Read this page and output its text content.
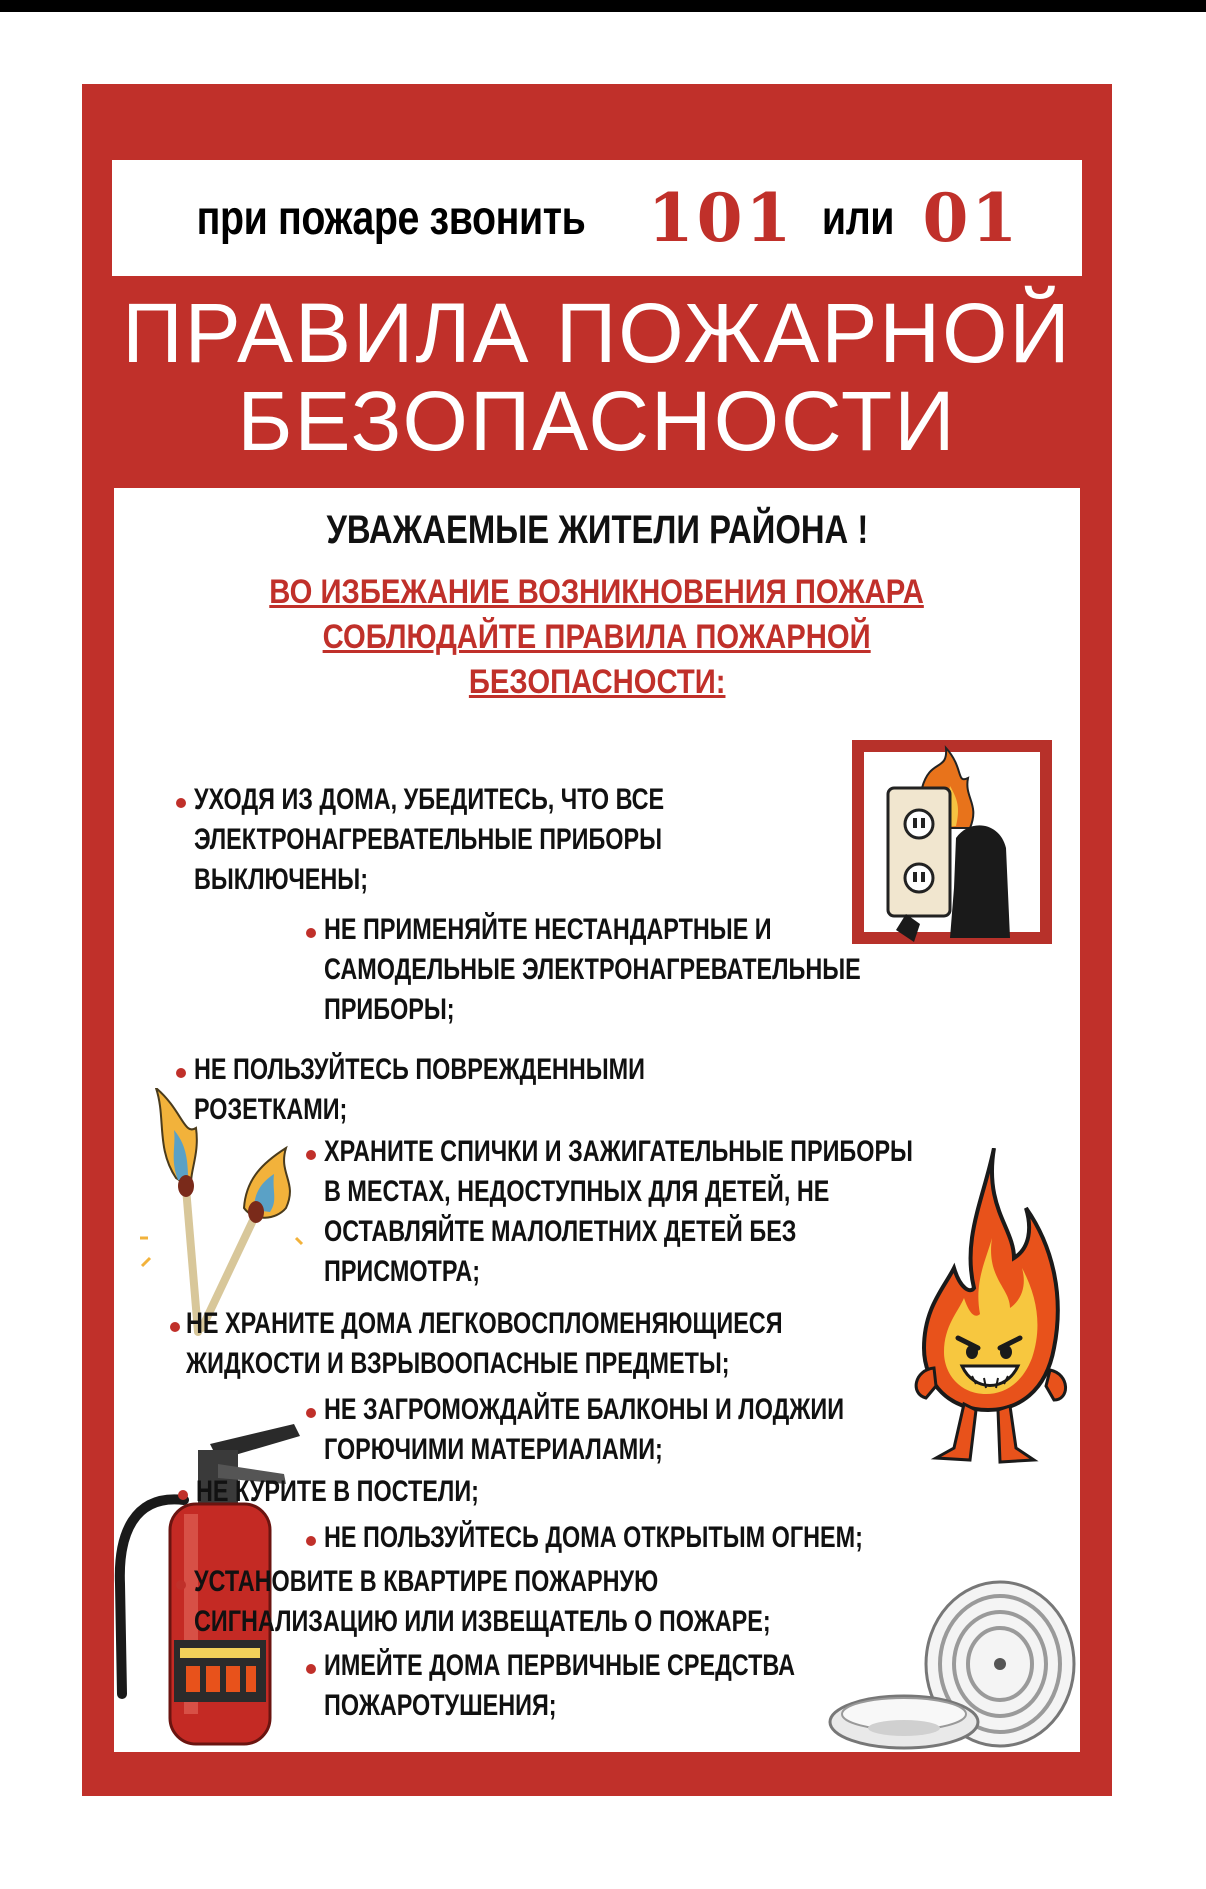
при пожаре звонить 101 или 01
ПРАВИЛА ПОЖАРНОЙ
БЕЗОПАСНОСТИ
УВАЖАЕМЫЕ ЖИТЕЛИ РАЙОНА !
ВО ИЗБЕЖАНИЕ ВОЗНИКНОВЕНИЯ ПОЖАРА
СОБЛЮДАЙТЕ ПРАВИЛА ПОЖАРНОЙ
БЕЗОПАСНОСТИ:
УХОДЯ ИЗ ДОМА, УБЕДИТЕСЬ, ЧТО ВСЕ
ЭЛЕКТРОНАГРЕВАТЕЛЬНЫЕ ПРИБОРЫ
ВЫКЛЮЧЕНЫ;
НЕ ПРИМЕНЯЙТЕ НЕСТАНДАРТНЫЕ И
САМОДЕЛЬНЫЕ ЭЛЕКТРОНАГРЕВАТЕЛЬНЫЕ
ПРИБОРЫ;
НЕ ПОЛЬЗУЙТЕСЬ ПОВРЕЖДЕННЫМИ
РОЗЕТКАМИ;
ХРАНИТЕ СПИЧКИ И ЗАЖИГАТЕЛЬНЫЕ ПРИБОРЫ
В МЕСТАХ, НЕДОСТУПНЫХ ДЛЯ ДЕТЕЙ, НЕ
ОСТАВЛЯЙТЕ МАЛОЛЕТНИХ ДЕТЕЙ БЕЗ
ПРИСМОТРА;
НЕ ХРАНИТЕ ДОМА ЛЕГКОВОСПЛОМЕНЯЮЩИЕСЯ
ЖИДКОСТИ И ВЗРЫВООПАСНЫЕ ПРЕДМЕТЫ;
НЕ ЗАГРОМОЖДАЙТЕ БАЛКОНЫ И ЛОДЖИИ
ГОРЮЧИМИ МАТЕРИАЛАМИ;
НЕ КУРИТЕ В ПОСТЕЛИ;
НЕ ПОЛЬЗУЙТЕСЬ ДОМА ОТКРЫТЫМ ОГНЕМ;
УСТАНОВИТЕ В КВАРТИРЕ ПОЖАРНУЮ
СИГНАЛИЗАЦИЮ ИЛИ ИЗВЕЩАТЕЛЬ О ПОЖАРЕ;
ИМЕЙТЕ ДОМА ПЕРВИЧНЫЕ СРЕДСТВА
ПОЖАРОТУШЕНИЯ;
